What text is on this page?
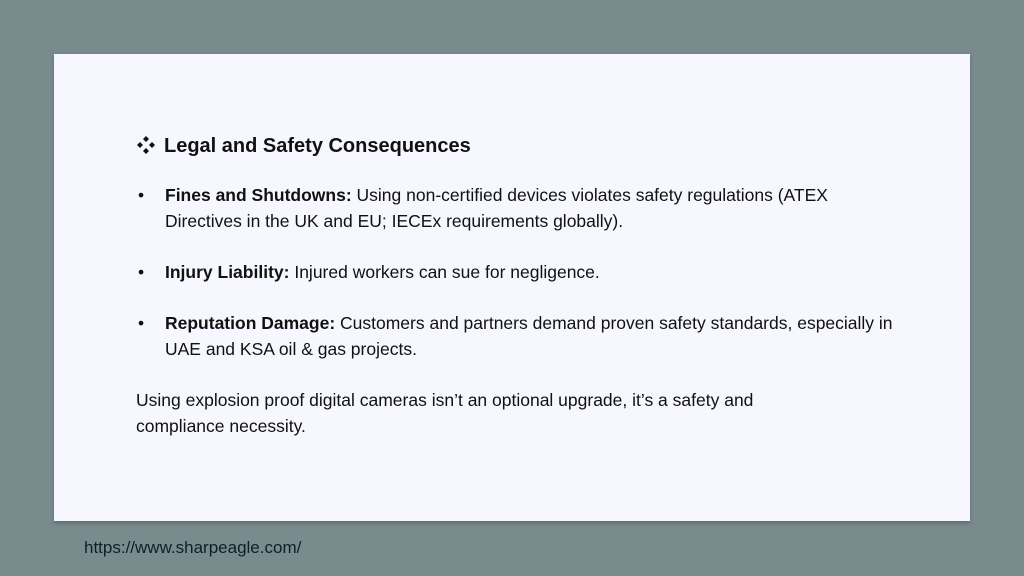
Legal and Safety Consequences
• Fines and Shutdowns: Using non-certified devices violates safety regulations (ATEX Directives in the UK and EU; IECEx requirements globally).
• Injury Liability: Injured workers can sue for negligence.
• Reputation Damage: Customers and partners demand proven safety standards, especially in UAE and KSA oil & gas projects.
Using explosion proof digital cameras isn’t an optional upgrade, it’s a safety and compliance necessity.
https://www.sharpeagle.com/
